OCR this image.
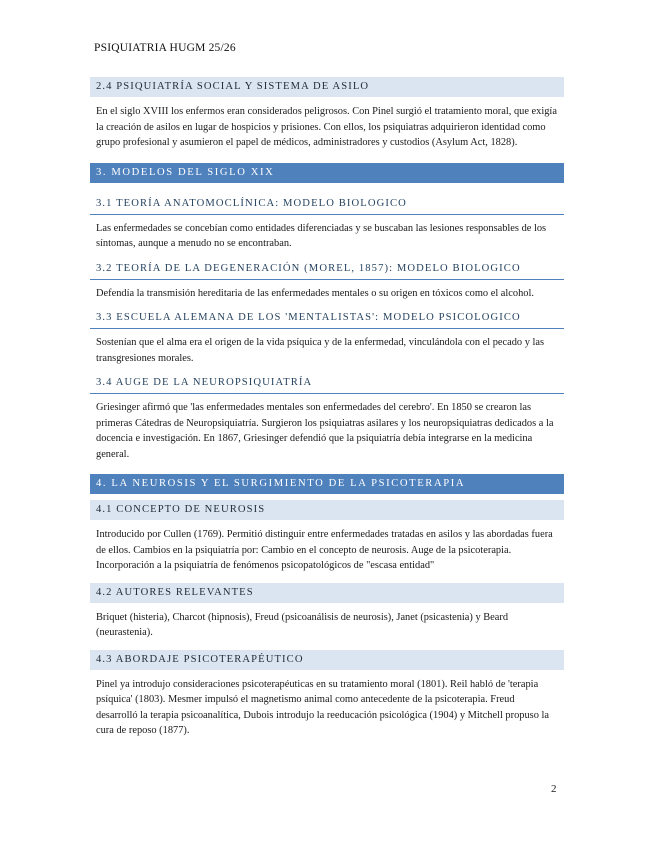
PSIQUIATRIA HUGM 25/26
2.4 PSIQUIATRÍA SOCIAL Y SISTEMA DE ASILO

En el siglo XVIII los enfermos eran considerados peligrosos. Con Pinel surgió el tratamiento moral, que exigía la creación de asilos en lugar de hospicios y prisiones. Con ellos, los psiquiatras adquirieron identidad como grupo profesional y asumieron el papel de médicos, administradores y custodios (Asylum Act, 1828).

3. MODELOS DEL SIGLO XIX
3.1 TEORÍA ANATOMOCLÍNICA: MODELO BIOLOGICO

Las enfermedades se concebían como entidades diferenciadas y se buscaban las lesiones responsables de los síntomas, aunque a menudo no se encontraban.

3.2 TEORÍA DE LA DEGENERACIÓN (MOREL, 1857): MODELO BIOLOGICO

Defendía la transmisión hereditaria de las enfermedades mentales o su origen en tóxicos como el alcohol.

3.3 ESCUELA ALEMANA DE LOS 'MENTALISTAS': MODELO PSICOLOGICO

Sostenían que el alma era el origen de la vida psíquica y de la enfermedad, vinculándola con el pecado y las transgresiones morales.

3.4 AUGE DE LA NEUROPSIQUIATRÍA

Griesinger afirmó que 'las enfermedades mentales son enfermedades del cerebro'. En 1850 se crearon las primeras Cátedras de Neuropsiquiatría. Surgieron los psiquiatras asilares y los neuropsiquiatras dedicados a la docencia e investigación. En 1867, Griesinger defendió que la psiquiatría debía integrarse en la medicina general.

4. LA NEUROSIS Y EL SURGIMIENTO DE LA PSICOTERAPIA
4.1 CONCEPTO DE NEUROSIS

Introducido por Cullen (1769). Permitió distinguir entre enfermedades tratadas en asilos y las abordadas fuera de ellos. Cambios en la psiquiatría por: Cambio en el concepto de neurosis. Auge de la psicoterapia. Incorporación a la psiquiatría de fenómenos psicopatológicos de "escasa entidad"

4.2 AUTORES RELEVANTES

Briquet (histeria), Charcot (hipnosis), Freud (psicoanálisis de neurosis), Janet (psicastenia) y Beard (neurastenia).

4.3 ABORDAJE PSICOTERAPÉUTICO

Pinel ya introdujo consideraciones psicoterapéuticas en su tratamiento moral (1801). Reil habló de 'terapia psíquica' (1803). Mesmer impulsó el magnetismo animal como antecedente de la psicoterapia. Freud desarrolló la terapia psicoanalítica, Dubois introdujo la reeducación psicológica (1904) y Mitchell propuso la cura de reposo (1877).

2
